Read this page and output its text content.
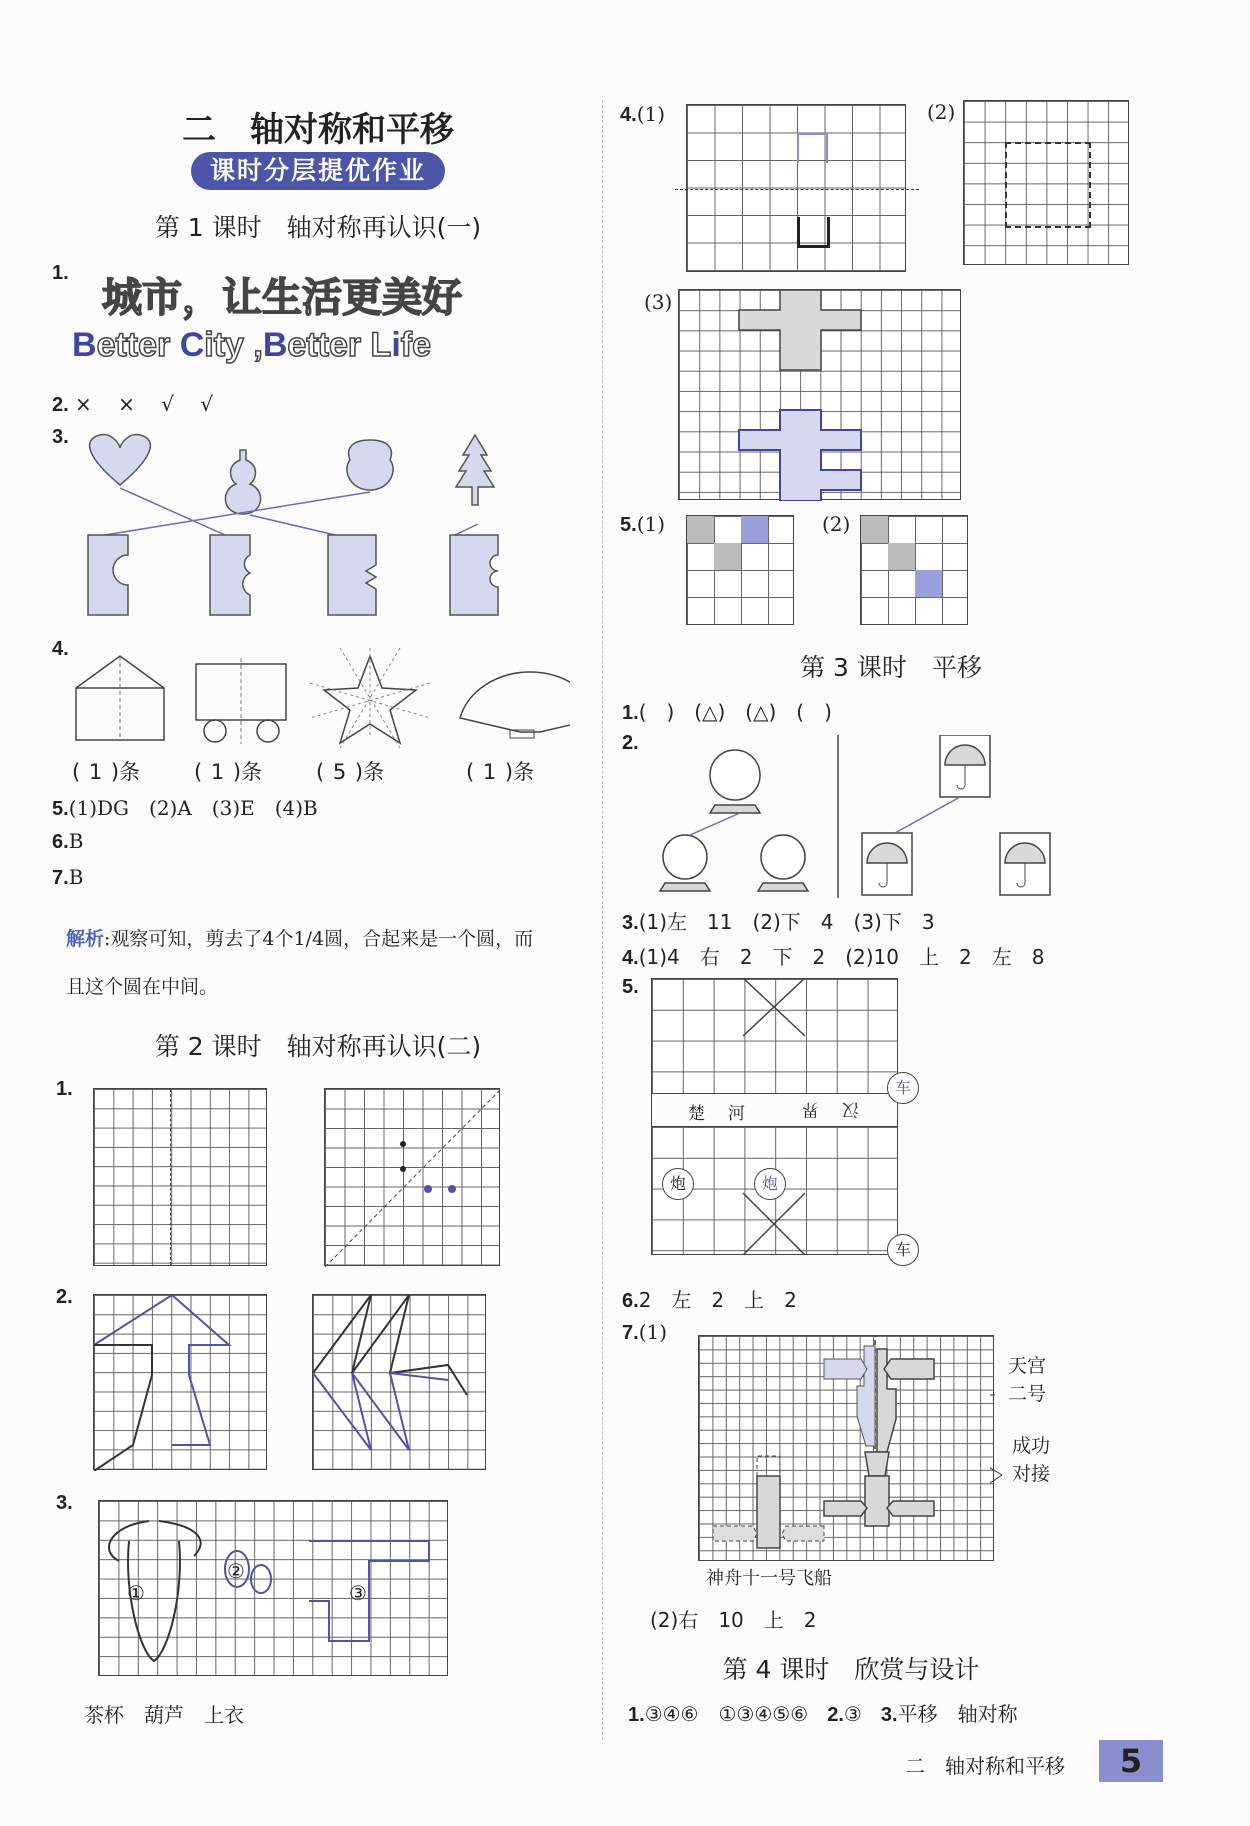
二　轴对称和平移
课时分层提优作业
第 1 课时　轴对称再认识(一)
1.
城市，让生活更美好
Better City ,Better Life
2. ×　 ×　 √　 √
3.
4.
( 1 )条	( 1 )条	( 5 )条	( 1 )条
5.(1)DG　(2)A　(3)E　(4)B
6.B
7.B
解析:观察可知，剪去了4个1/4圆，合起来是一个圆，而
且这个圆在中间。
第 2 课时　轴对称再认识(二)
1.
2.
3.
①
②
③
茶杯　葫芦　上衣
4.(1)	(2)
(3)
5.(1)	(2)
第 3 课时　平移
1.(　)　(△)　(△)　(　)
2.
3.(1)左　11　(2)下　4　(3)下　3
4.(1)4　右　2　下　2　(2)10　上　2　左　8
5.
楚 河	汉
界
车
炮	炮
车
6.2　左　2　上　2
7.(1)
天宫二号
成功对接
神舟十一号飞船
(2)右　10　上　2
第 4 课时　欣赏与设计
1.③④⑥　①③④⑤⑥ 2.③ 3.平移　轴对称
二　轴对称和平移	5
